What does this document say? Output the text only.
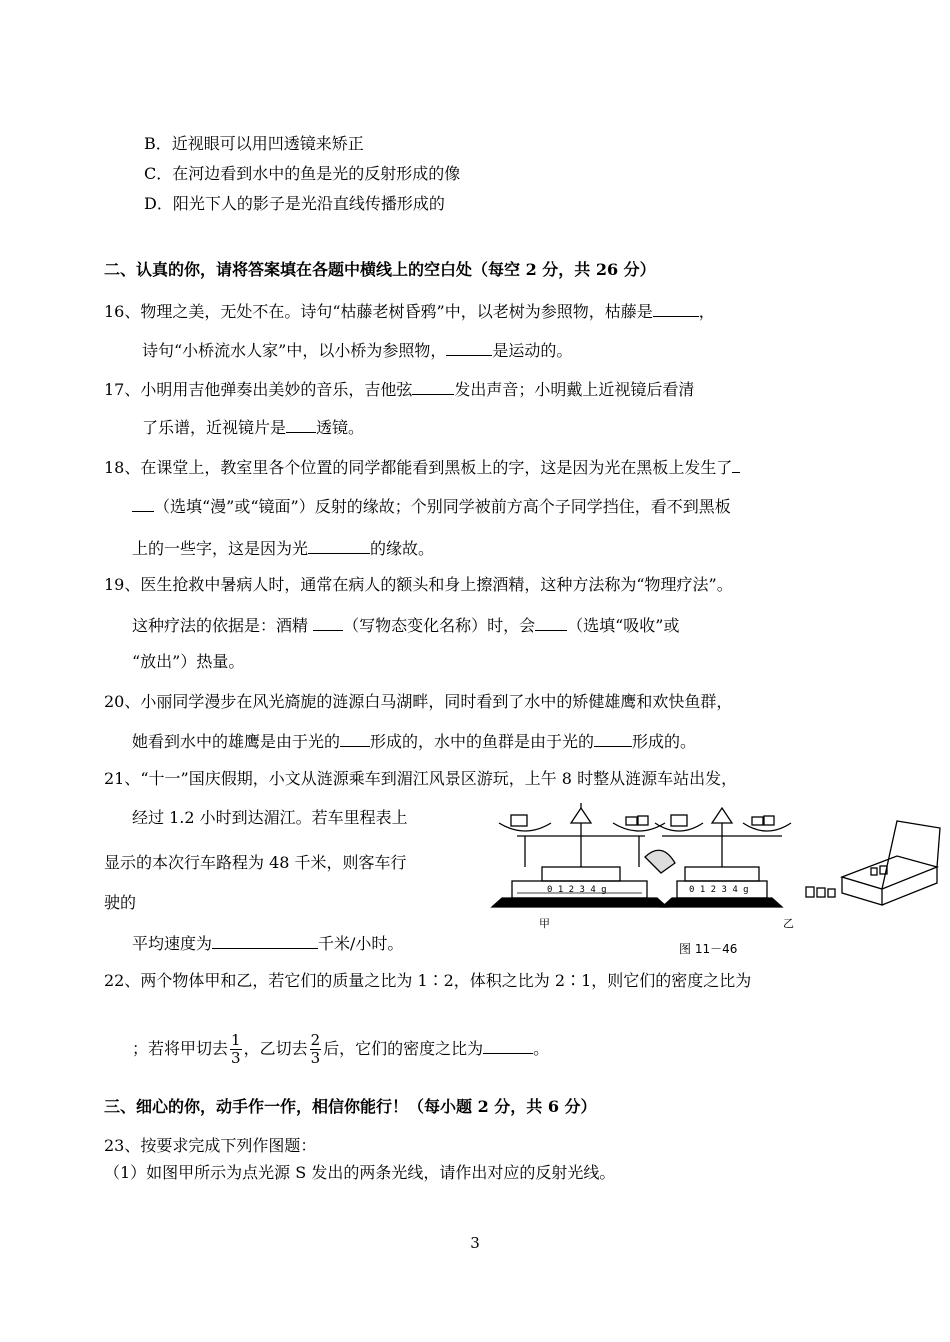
B．近视眼可以用凹透镜来矫正
C．在河边看到水中的鱼是光的反射形成的像
D．阳光下人的影子是光沿直线传播形成的
二、认真的你，请将答案填在各题中横线上的空白处（每空 2 分，共 26 分）
16、物理之美，无处不在。诗句“枯藤老树昏鸦”中，以老树为参照物，枯藤是	，
诗句“小桥流水人家”中，以小桥为参照物，	是运动的。
17、小明用吉他弹奏出美妙的音乐，吉他弦	发出声音；小明戴上近视镜后看清
了乐谱，近视镜片是 透镜。
18、在课堂上，教室里各个位置的同学都能看到黑板上的字，这是因为光在黑板上发生了
（选填“漫”或“镜面”）反射的缘故；个别同学被前方高个子同学挡住，看不到黑板
上的一些字，这是因为光	的缘故。
19、医生抢救中暑病人时，通常在病人的额头和身上擦酒精，这种方法称为“物理疗法”。
这种疗法的依据是：酒精 （写物态变化名称）时，会 （选填“吸收”或
“放出”）热量。
20、小丽同学漫步在风光旖旎的涟源白马湖畔，同时看到了水中的矫健雄鹰和欢快鱼群，
她看到水中的雄鹰是由于光的 形成的，水中的鱼群是由于光的 形成的。
21、“十一”国庆假期，小文从涟源乘车到湄江风景区游玩，上午 8 时整从涟源车站出发，
经过 1.2 小时到达湄江。若车里程表上
显示的本次行车路程为 48 千米，则客车行
驶的
平均速度为	千米/小时。
0 1 2 3 4 g	0 1 2 3 4 g
甲	乙
图 11－46
22、两个物体甲和乙，若它们的质量之比为 1∶2，体积之比为 2∶1，则它们的密度之比为
；若将甲切去 $\frac{1}{3}$ ，乙切去 $\frac{2}{3}$ 后，它们的密度之比为	。
三、细心的你，动手作一作，相信你能行！（每小题 2 分，共 6 分）
23、按要求完成下列作图题：
（1）如图甲所示为点光源 S 发出的两条光线，请作出对应的反射光线。
3
